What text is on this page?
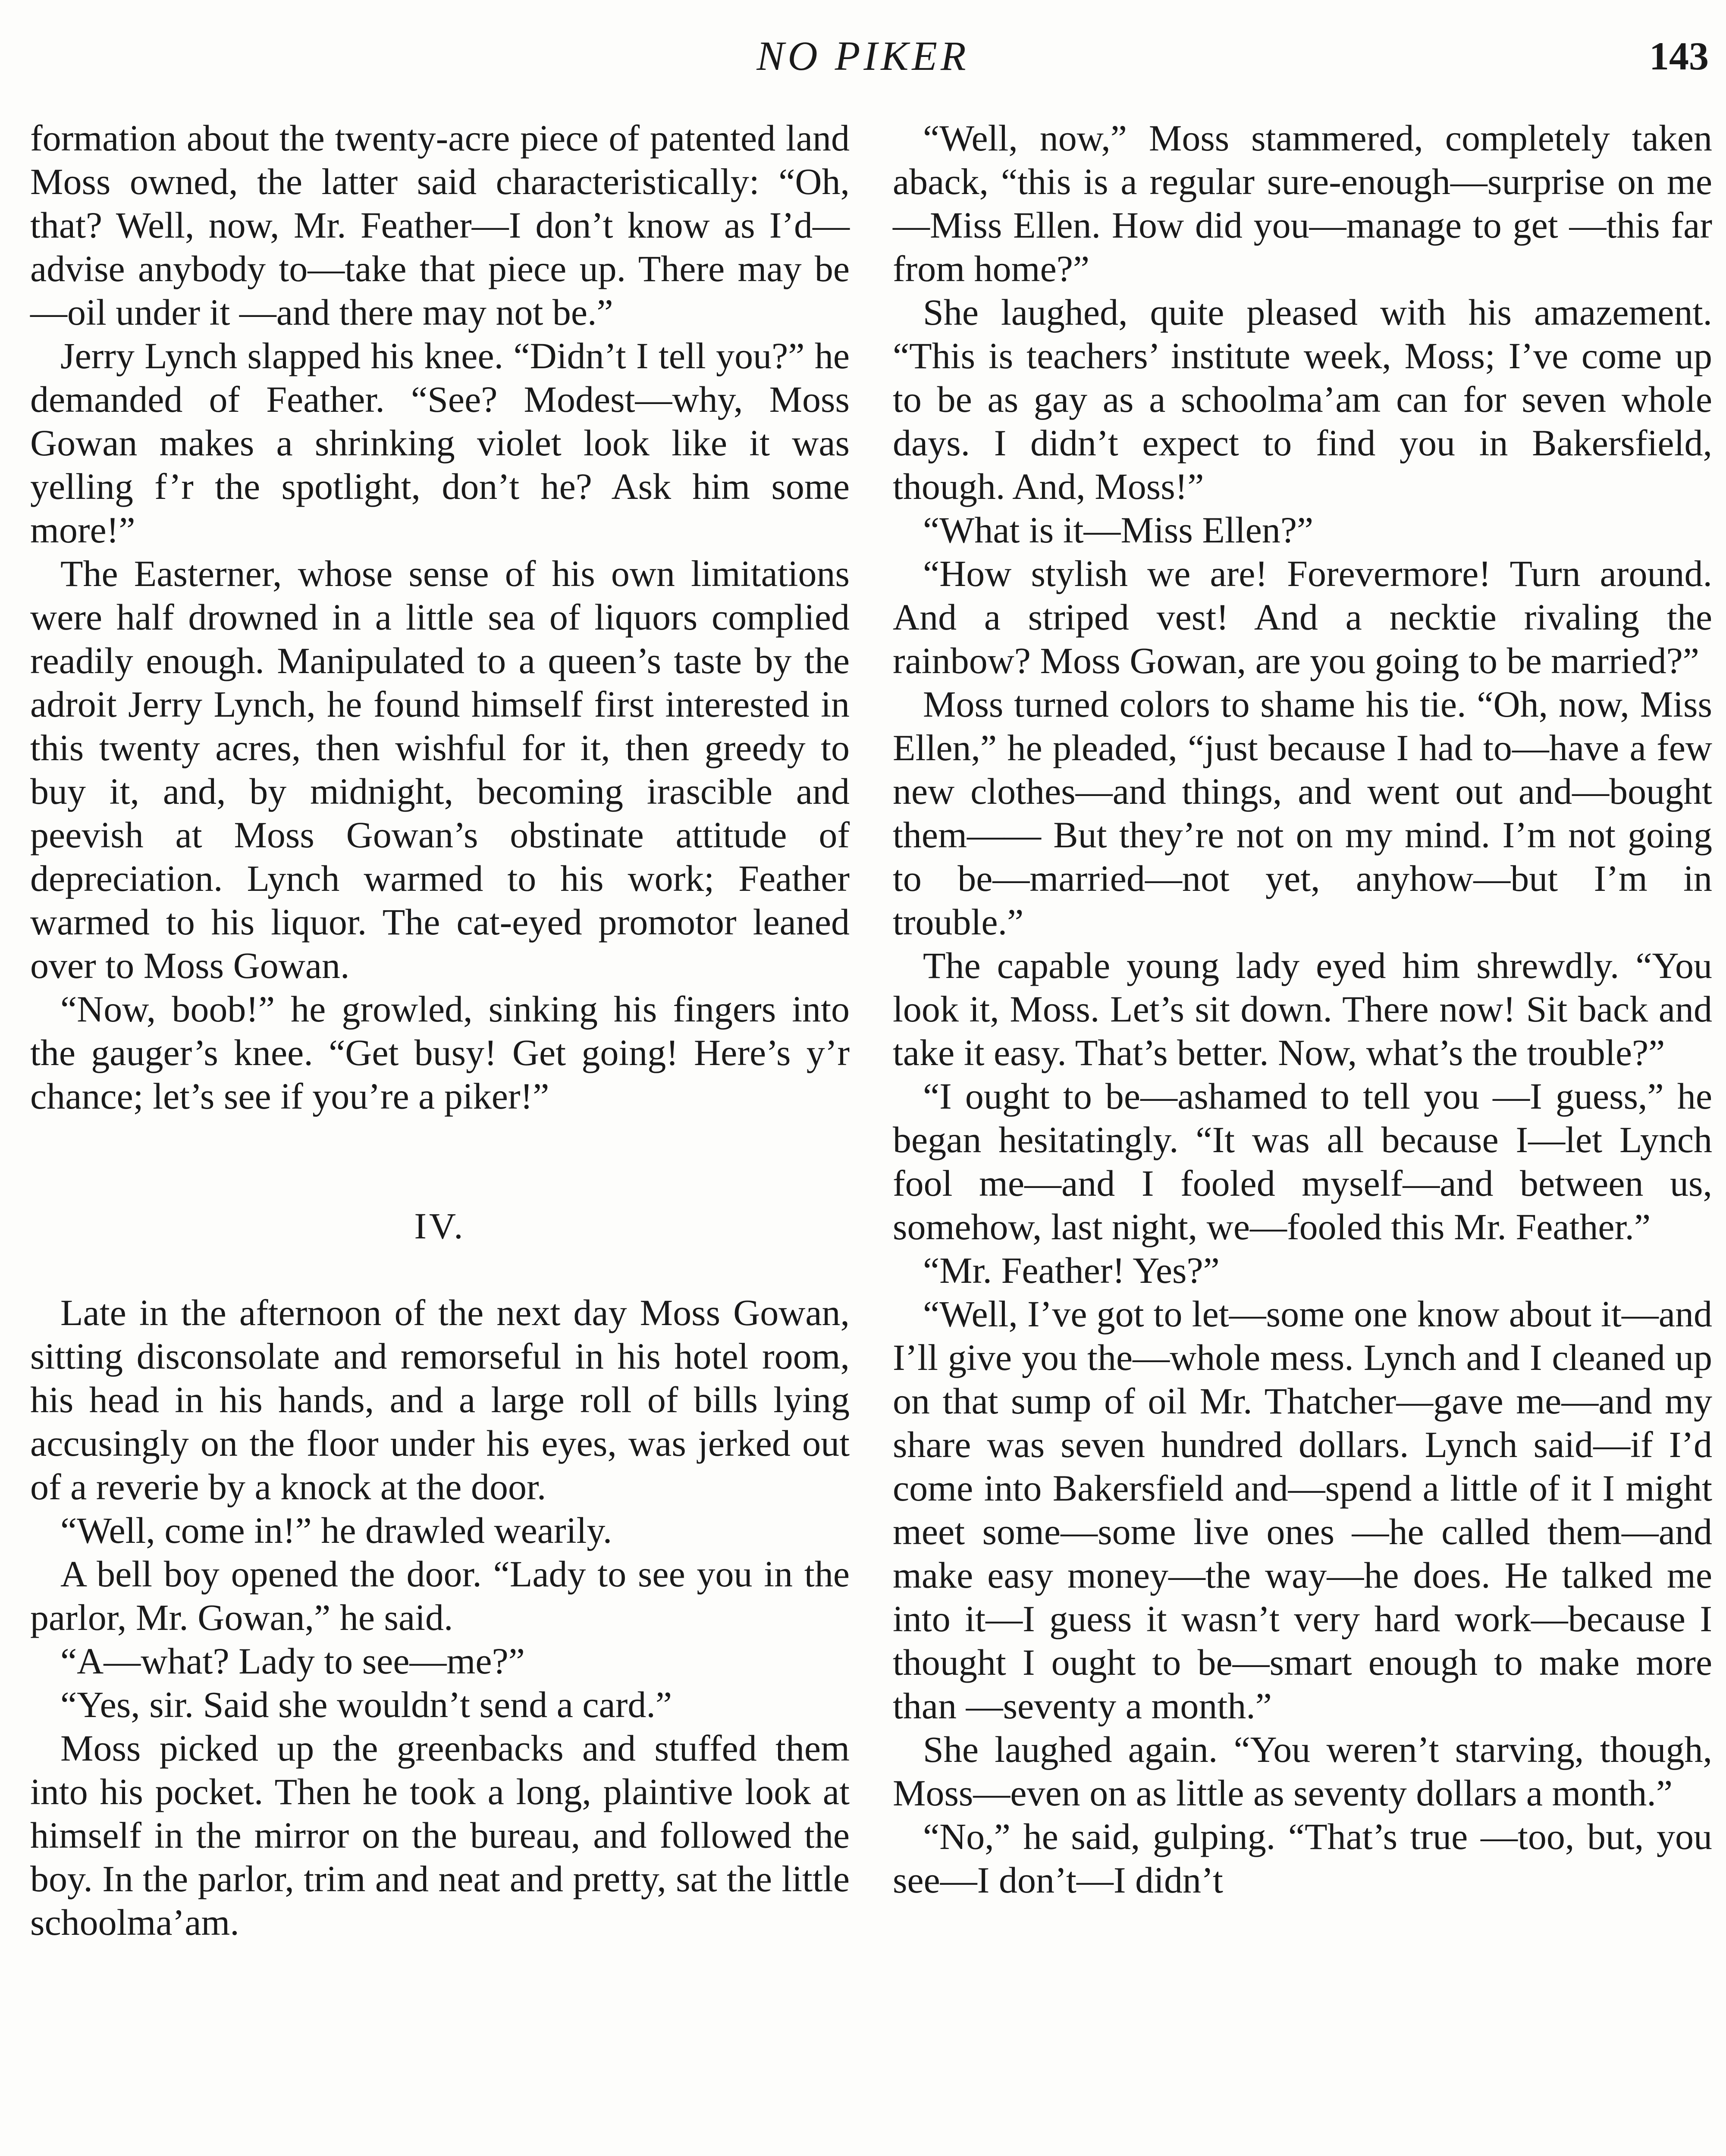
NO PIKER	143

formation about the twenty-acre piece of patented land Moss owned, the latter said characteristically: “Oh, that? Well, now, Mr. Feather—I don’t know as I’d—advise anybody to—take that piece up. There may be—oil under it —and there may not be.”

Jerry Lynch slapped his knee. “Didn’t I tell you?” he demanded of Feather. “See? Modest—why, Moss Gowan makes a shrinking violet look like it was yelling f’r the spotlight, don’t he? Ask him some more!”

The Easterner, whose sense of his own limitations were half drowned in a little sea of liquors complied readily enough. Manipulated to a queen’s taste by the adroit Jerry Lynch, he found himself first interested in this twenty acres, then wishful for it, then greedy to buy it, and, by midnight, becoming irascible and peevish at Moss Gowan’s obstinate attitude of depreciation. Lynch warmed to his work; Feather warmed to his liquor. The cat-eyed promotor leaned over to Moss Gowan.

“Now, boob!” he growled, sinking his fingers into the gauger’s knee. “Get busy! Get going! Here’s y’r chance; let’s see if you’re a piker!”

IV.

Late in the afternoon of the next day Moss Gowan, sitting disconsolate and remorseful in his hotel room, his head in his hands, and a large roll of bills lying accusingly on the floor under his eyes, was jerked out of a reverie by a knock at the door.

“Well, come in!” he drawled wearily.

A bell boy opened the door. “Lady to see you in the parlor, Mr. Gowan,” he said.

“A—what? Lady to see—me?”

“Yes, sir. Said she wouldn’t send a card.”

Moss picked up the greenbacks and stuffed them into his pocket. Then he took a long, plaintive look at himself in the mirror on the bureau, and followed the boy. In the parlor, trim and neat and pretty, sat the little schoolma’am.

“Well, now,” Moss stammered, completely taken aback, “this is a regular sure-enough—surprise on me—Miss Ellen. How did you—manage to get —this far from home?”

She laughed, quite pleased with his amazement. “This is teachers’ institute week, Moss; I’ve come up to be as gay as a schoolma’am can for seven whole days. I didn’t expect to find you in Bakersfield, though. And, Moss!”

“What is it—Miss Ellen?”

“How stylish we are! Forevermore! Turn around. And a striped vest! And a necktie rivaling the rainbow? Moss Gowan, are you going to be married?”

Moss turned colors to shame his tie. “Oh, now, Miss Ellen,” he pleaded, “just because I had to—have a few new clothes—and things, and went out and—bought them—— But they’re not on my mind. I’m not going to be—married—not yet, anyhow—but I’m in trouble.”

The capable young lady eyed him shrewdly. “You look it, Moss. Let’s sit down. There now! Sit back and take it easy. That’s better. Now, what’s the trouble?”

“I ought to be—ashamed to tell you —I guess,” he began hesitatingly. “It was all because I—let Lynch fool me—and I fooled myself—and between us, somehow, last night, we—fooled this Mr. Feather.”

“Mr. Feather! Yes?”

“Well, I’ve got to let—some one know about it—and I’ll give you the—whole mess. Lynch and I cleaned up on that sump of oil Mr. Thatcher—gave me—and my share was seven hundred dollars. Lynch said—if I’d come into Bakersfield and—spend a little of it I might meet some—some live ones —he called them—and make easy money—the way—he does. He talked me into it—I guess it wasn’t very hard work—because I thought I ought to be—smart enough to make more than —seventy a month.”

She laughed again. “You weren’t starving, though, Moss—even on as little as seventy dollars a month.”

“No,” he said, gulping. “That’s true —too, but, you see—I don’t—I didn’t
